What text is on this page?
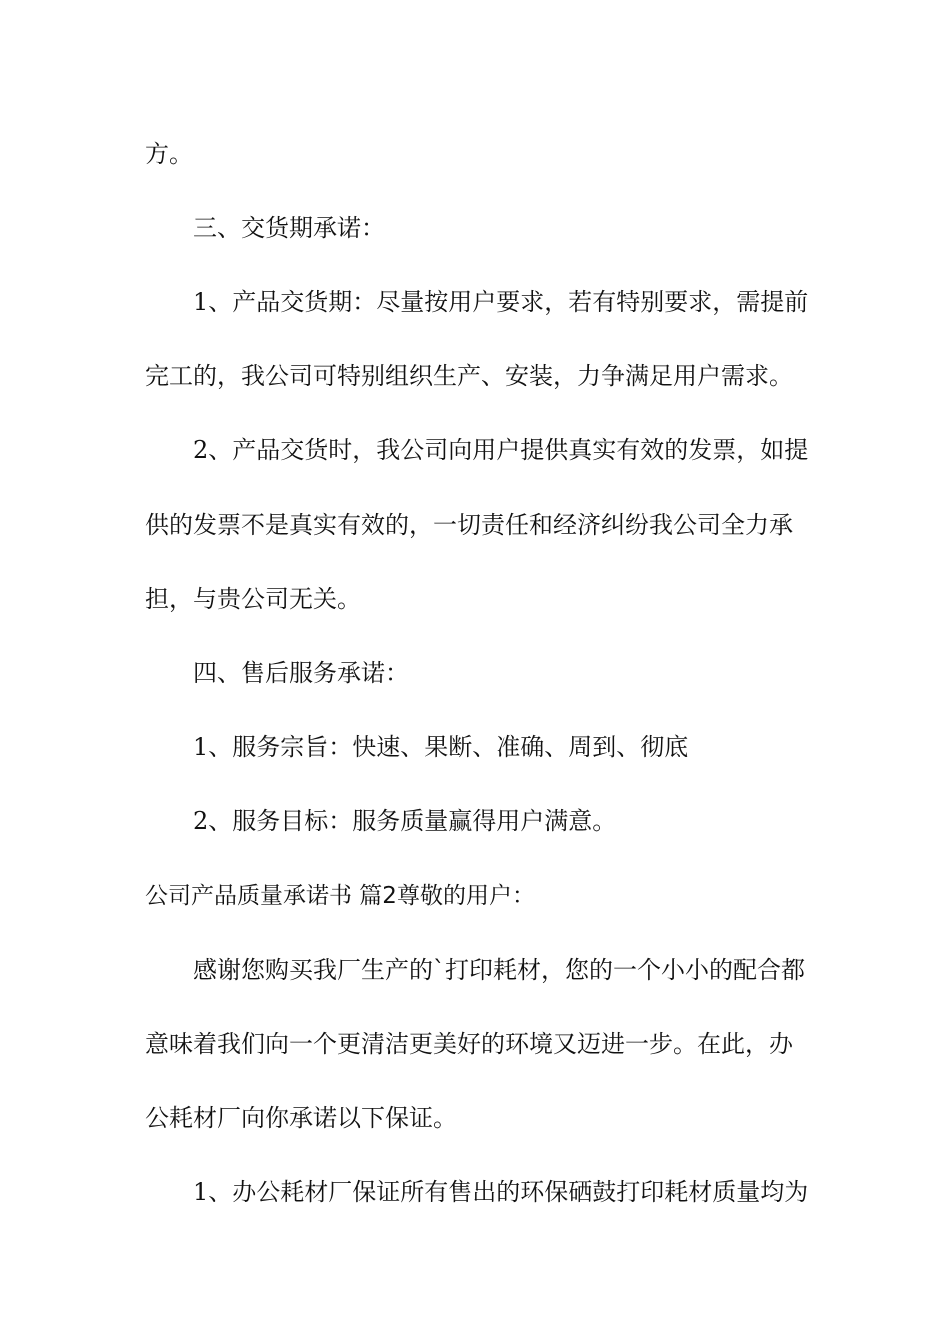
方。
三、交货期承诺：
1、产品交货期：尽量按用户要求，若有特别要求，需提前
完工的，我公司可特别组织生产、安装，力争满足用户需求。
2、产品交货时，我公司向用户提供真实有效的发票，如提
供的发票不是真实有效的，一切责任和经济纠纷我公司全力承
担，与贵公司无关。
四、售后服务承诺：
1、服务宗旨：快速、果断、准确、周到、彻底
2、服务目标：服务质量赢得用户满意。
公司产品质量承诺书 篇2尊敬的用户：
感谢您购买我厂生产的`打印耗材，您的一个小小的配合都
意味着我们向一个更清洁更美好的环境又迈进一步。在此，办
公耗材厂向你承诺以下保证。
1、办公耗材厂保证所有售出的环保硒鼓打印耗材质量均为
